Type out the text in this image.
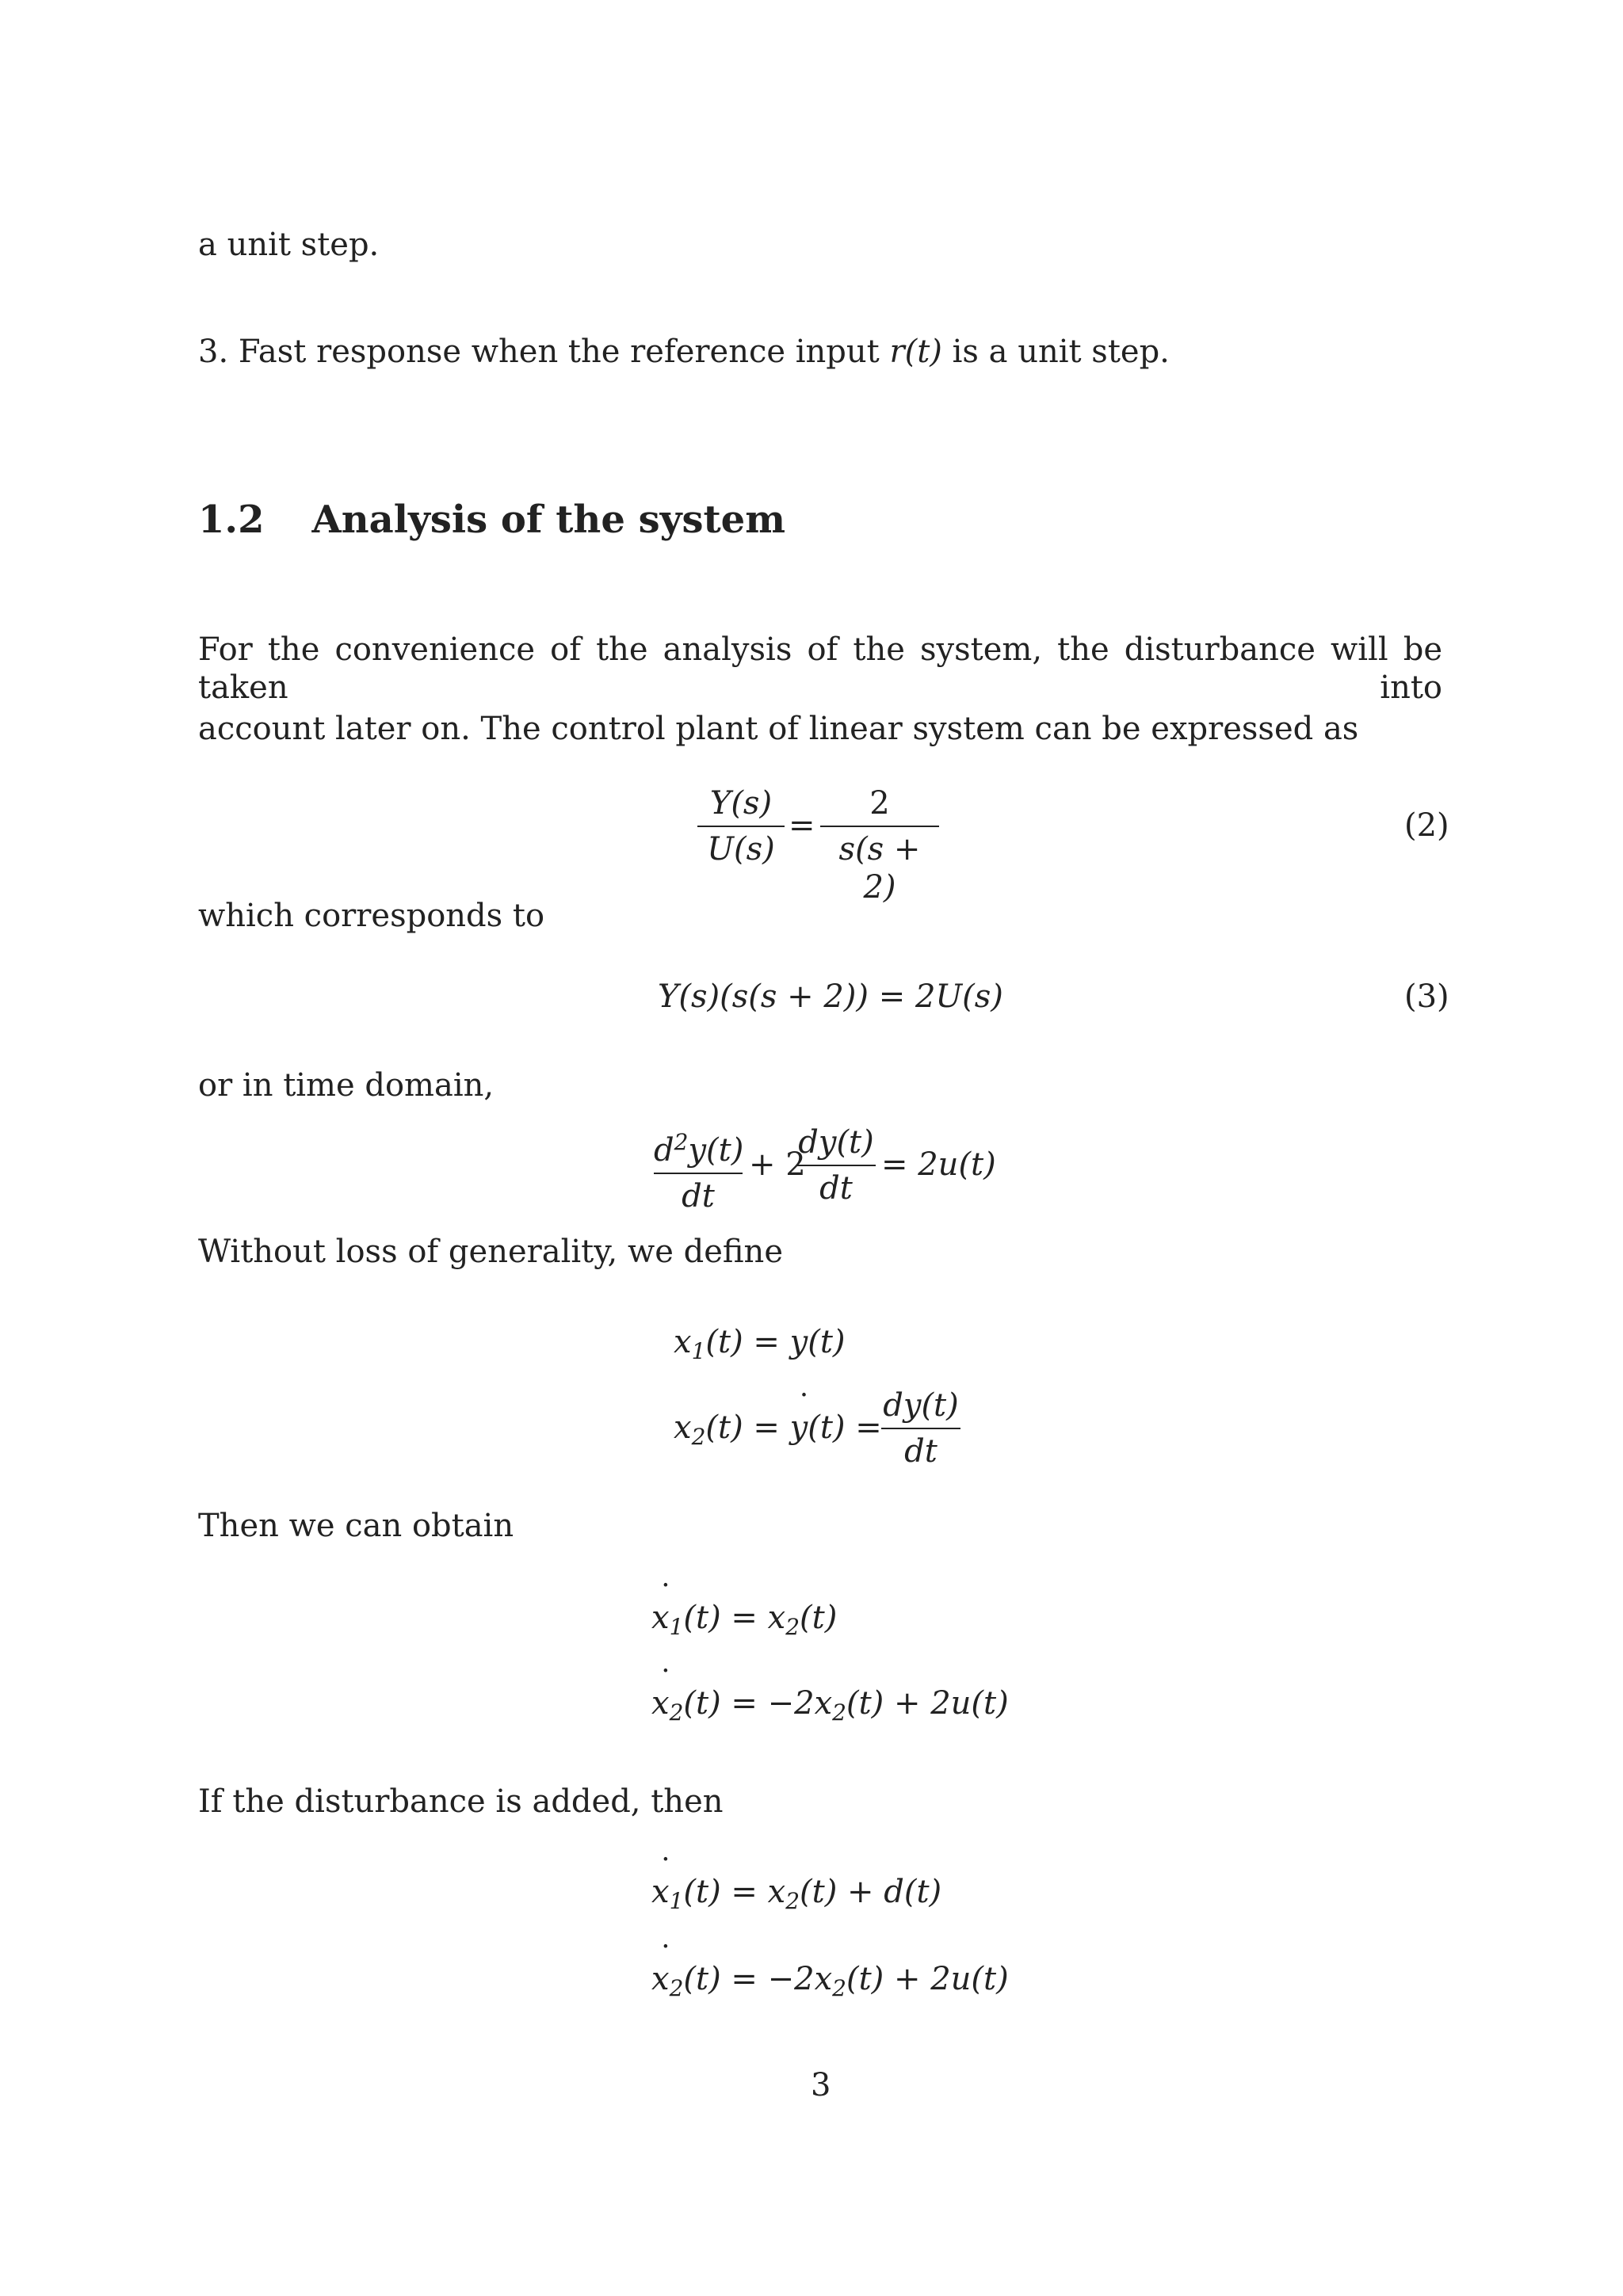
a unit step.
3. Fast response when the reference input r(t) is a unit step.
1.2 Analysis of the system
For the convenience of the analysis of the system, the disturbance will be taken into
account later on. The control plant of linear system can be expressed as
Y(s)
U(s)
=
2
s(s + 2)
(2)
which corresponds to
Y(s)(s(s + 2)) = 2U(s)	(3)
or in time domain,
$d^2y(t)$
dt
+ 2
dy(t)
dt
= 2u(t)
Without loss of generality, we define
$x_1(t) = y(t)$
$x_2(t)$ = ˙ y(t) =
dy(t)
dt
Then we can obtain
˙ $x_1(t) = x_2(t)$
˙ $x_2(t) = -2x_2(t) + 2u(t)$
If the disturbance is added, then
˙ $x_1(t) = x_2(t) + d(t)$
˙ $x_2(t) = -2x_2(t) + 2u(t)$
3
